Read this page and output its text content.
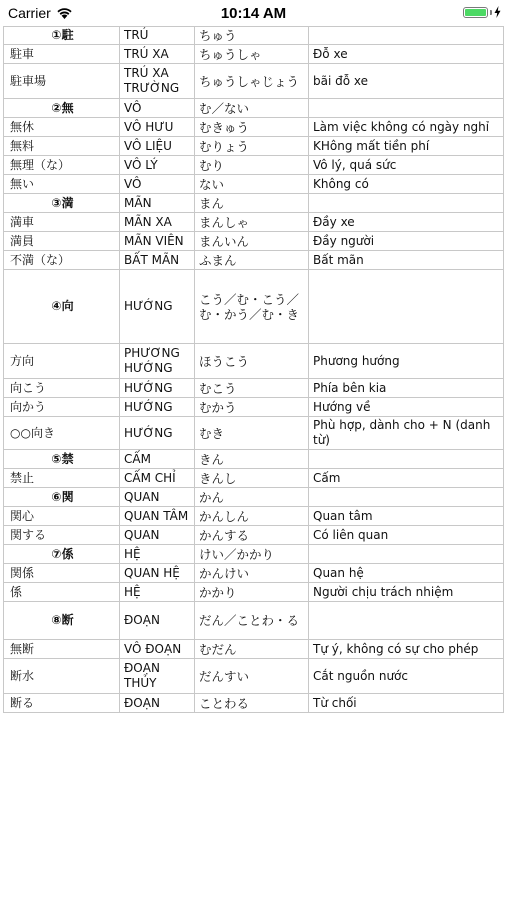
Carrier	10:14 AM
①駐	TRÚ	ちゅう	
駐車	TRÚ XA	ちゅうしゃ	Đỗ xe
駐車場	TRÚ XA TRƯỜNG	ちゅうしゃじょう	bãi đỗ xe
②無	VÔ	む／ない	
無休	VÔ HƯU	むきゅう	Làm việc không có ngày nghỉ
無料	VÔ LIỆU	むりょう	KHông mất tiền phí
無理（な）	VÔ LÝ	むり	Vô lý, quá sức
無い	VÔ	ない	Không có
③満	MÃN	まん	
満車	MÃN XA	まんしゃ	Đầy xe
満員	MÃN VIÊN	まんいん	Đầy người
不満（な）	BẤT MÃN	ふまん	Bất mãn
④向	HƯỚNG	こう／む・こう／む・かう／む・き	
方向	PHƯƠNG HƯỚNG	ほうこう	Phương hướng
向こう	HƯỚNG	むこう	Phía bên kia
向かう	HƯỚNG	むかう	Hướng về
○○向き	HƯỚNG	むき	Phù hợp, dành cho + N (danh từ)
⑤禁	CẤM	きん	
禁止	CẤM CHỈ	きんし	Cấm
⑥関	QUAN	かん	
関心	QUAN TÂM	かんしん	Quan tâm
関する	QUAN	かんする	Có liên quan
⑦係	HỆ	けい／かかり	
関係	QUAN HỆ	かんけい	Quan hệ
係	HỆ	かかり	Người chịu trách nhiệm
⑧断	ĐOẠN	だん／ことわ・る	
無断	VÔ ĐOẠN	むだん	Tự ý, không có sự cho phép
断水	ĐOẠN THỦY	だんすい	Cắt nguồn nước
断る	ĐOẠN	ことわる	Từ chối
